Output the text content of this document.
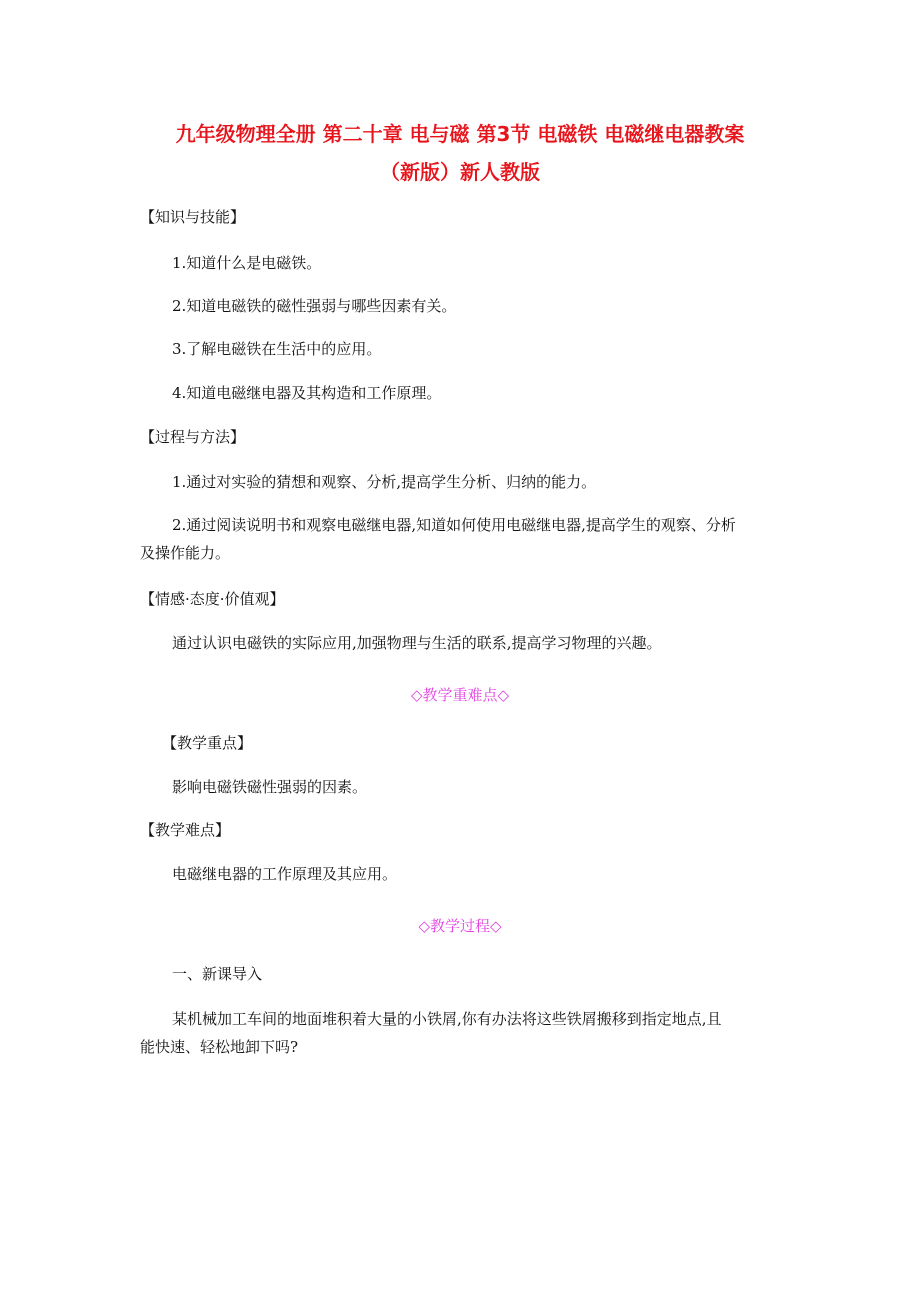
九年级物理全册 第二十章 电与磁 第3节 电磁铁 电磁继电器教案
（新版）新人教版
【知识与技能】
1.知道什么是电磁铁。
2.知道电磁铁的磁性强弱与哪些因素有关。
3.了解电磁铁在生活中的应用。
4.知道电磁继电器及其构造和工作原理。
【过程与方法】
1.通过对实验的猜想和观察、分析,提高学生分析、归纳的能力。
2.通过阅读说明书和观察电磁继电器,知道如何使用电磁继电器,提高学生的观察、分析
及操作能力。
【情感·态度·价值观】
通过认识电磁铁的实际应用,加强物理与生活的联系,提高学习物理的兴趣。
◇教学重难点◇
【教学重点】
影响电磁铁磁性强弱的因素。
【教学难点】
电磁继电器的工作原理及其应用。
◇教学过程◇
一、新课导入
某机械加工车间的地面堆积着大量的小铁屑,你有办法将这些铁屑搬移到指定地点,且
能快速、轻松地卸下吗?
